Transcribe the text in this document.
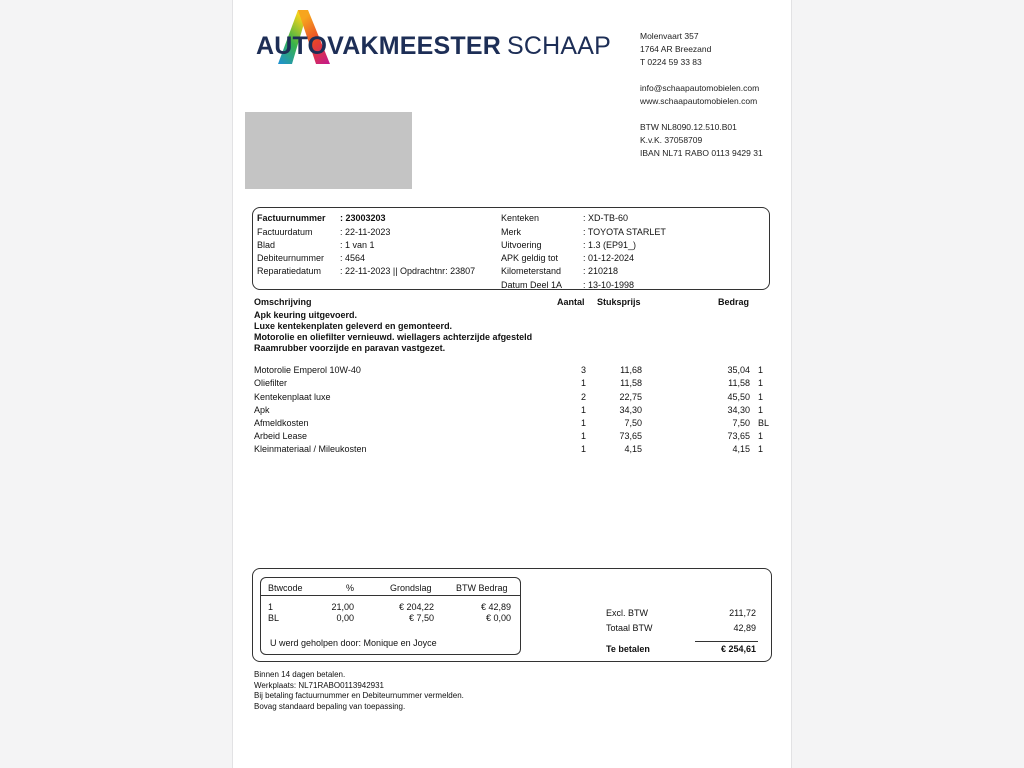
AUTOVAKMEESTER SCHAAP	Molenvaart 357
1764 AR Breezand
T 0224 59 33 83
info@schaapautomobielen.com
www.schaapautomobielen.com
BTW NL8090.12.510.B01
K.v.K. 37058709
IBAN NL71 RABO 0113 9429 31
Factuurnummer : 23003203
Factuurdatum	: 22-11-2023
Blad	: 1 van 1
Debiteurnummer : 4564
Reparatiedatum : 22-11-2023 || Opdrachtnr: 23807
Kenteken	: XD-TB-60
Merk	: TOYOTA STARLET
Uitvoering	: 1.3 (EP91_)
APK geldig tot	: 01-12-2024
Kilometerstand : 210218
Datum Deel 1A : 13-10-1998
Omschrijving	Aantal Stuksprijs	Bedrag
Apk keuring uitgevoerd.
Luxe kentekenplaten geleverd en gemonteerd.
Motorolie en oliefilter vernieuwd. wiellagers achterzijde afgesteld
Raamrubber voorzijde en paravan vastgezet.
Motorolie Emperol 10W-40	3	11,68	35,04 1
Oliefilter	1	11,58	11,58 1
Kentekenplaat luxe	2	22,75	45,50 1
Apk	1	34,30	34,30 1
Afmeldkosten	1	7,50	7,50 BL
Arbeid Lease	1	73,65	73,65 1
Kleinmateriaal / Mileukosten	1	4,15	4,15 1
Btwcode	%	Grondslag	BTW Bedrag
1	21,00	€ 204,22	€ 42,89
BL	0,00	€ 7,50	€ 0,00
U werd geholpen door: Monique en Joyce
Excl. BTW	211,72
Totaal BTW	42,89
Te betalen	€ 254,61
Binnen 14 dagen betalen.
Werkplaats: NL71RABO0113942931
Bij betaling factuurnummer en Debiteurnummer vermelden.
Bovag standaard bepaling van toepassing.
